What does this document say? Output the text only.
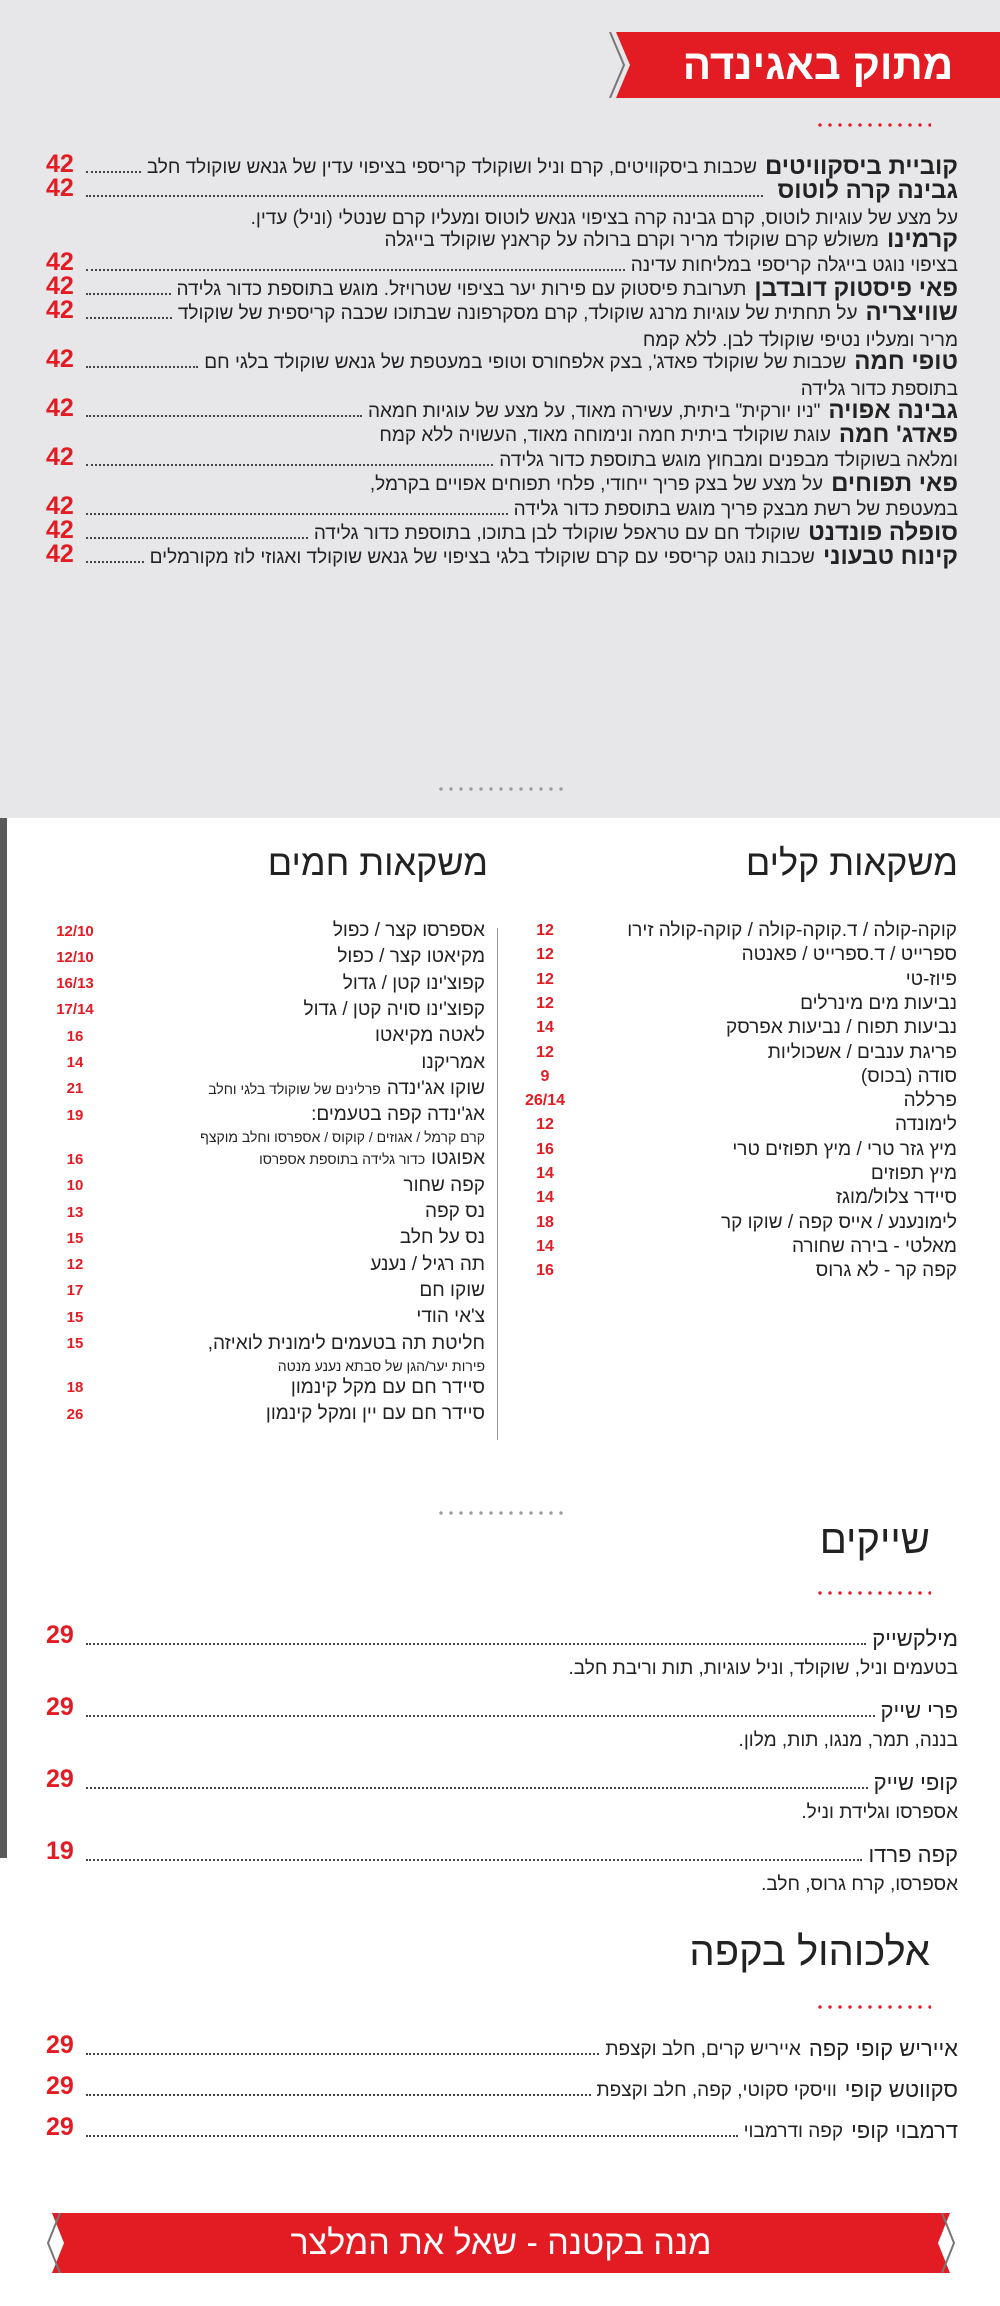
מתוק באגינדה
קוביית ביסקוויטים
שכבות ביסקוויטים, קרם וניל ושוקולד קריספי בציפוי עדין של גנאש שוקולד חלב
42
גבינה קרה לוטוס
42
על מצע של עוגיות לוטוס, קרם גבינה קרה בציפוי גנאש לוטוס ומעליו קרם שנטלי (וניל) עדין.
קרמינו
משולש קרם שוקולד מריר וקרם ברולה על קראנץ שוקולד בייגלה
בציפוי נוגט בייגלה קריספי במליחות עדינה
42
פאי פיסטוק דובדבן
תערובת פיסטוק עם פירות יער בציפוי שטרויזל. מוגש בתוספת כדור גלידה
42
שוויצריה
על תחתית של עוגיות מרנג שוקולד, קרם מסקרפונה שבתוכו שכבה קריספית של שוקולד
42
מריר ומעליו נטיפי שוקולד לבן. ללא קמח
טופי חמה
שכבות של שוקולד פאדג', בצק אלפחורס וטופי במעטפת של גנאש שוקולד בלגי חם
42
בתוספת כדור גלידה
גבינה אפויה
"ניו יורקית" ביתית, עשירה מאוד, על מצע של עוגיות חמאה
42
פאדג' חמה
עוגת שוקולד ביתית חמה ונימוחה מאוד, העשויה ללא קמח
ומלאה בשוקולד מבפנים ומבחוץ מוגש בתוספת כדור גלידה
42
פאי תפוחים
על מצע של בצק פריך ייחודי, פלחי תפוחים אפויים בקרמל,
במעטפת של רשת מבצק פריך מוגש בתוספת כדור גלידה
42
סופלה פונדנט
שוקולד חם עם טראפל שוקולד לבן בתוכו, בתוספת כדור גלידה
42
קינוח טבעוני
שכבות נוגט קריספי עם קרם שוקולד בלגי בציפוי של גנאש שוקולד ואגוזי לוז מקורמלים
42
משקאות קלים
משקאות חמים
קוקה-קולה / ד.קוקה-קולה / קוקה-קולה זירו
12
ספרייט / ד.ספרייט / פאנטה
12
פיוז-טי
12
נביעות מים מינרלים
12
נביעות תפוח / נביעות אפרסק
14
פריגת ענבים / אשכוליות
12
סודה (בכוס)
9
פרללה
26/14
לימונדה
12
מיץ גזר טרי / מיץ תפוזים טרי
16
מיץ תפוזים
14
סיידר צלול/מוגז
14
לימונענע / אייס קפה / שוקו קר
18
מאלטי - בירה שחורה
14
קפה קר - לא גרוס
16
אספרסו קצר / כפול
12/10
מקיאטו קצר / כפול
12/10
קפוצ'ינו קטן / גדול
16/13
קפוצ'ינו סויה קטן / גדול
17/14
לאטה מקיאטו
16
אמריקנו
14
שוקו אג'ינדהפרלינים של שוקולד בלגי וחלב
21
אג'ינדה קפה בטעמים:
19
קרם קרמל / אגוזים / קוקוס / אספרסו וחלב מוקצף
אפוגטוכדור גלידה בתוספת אספרסו
16
קפה שחור
10
נס קפה
13
נס על חלב
15
תה רגיל / נענע
12
שוקו חם
17
צ'אי הודי
15
חליטת תה בטעמים לימונית לואיזה,
15
פירות יער/הגן של סבתא נענע מנטה
סיידר חם עם מקל קינמון
18
סיידר חם עם יין ומקל קינמון
26
שייקים
מילקשייק
29
בטעמים וניל, שוקולד, וניל עוגיות, תות וריבת חלב.
פרי שייק
29
בננה, תמר, מנגו, תות, מלון.
קופי שייק
29
אספרסו וגלידת וניל.
קפה פרדו
19
אספרסו, קרח גרוס, חלב.
אלכוהול בקפה
אייריש קופי קפה
אייריש קרים, חלב וקצפת
29
סקווטש קופי
וויסקי סקוטי, קפה, חלב וקצפת
29
דרמבוי קופי
קפה ודרמבוי
29
מנה בקטנה - שאל את המלצר
